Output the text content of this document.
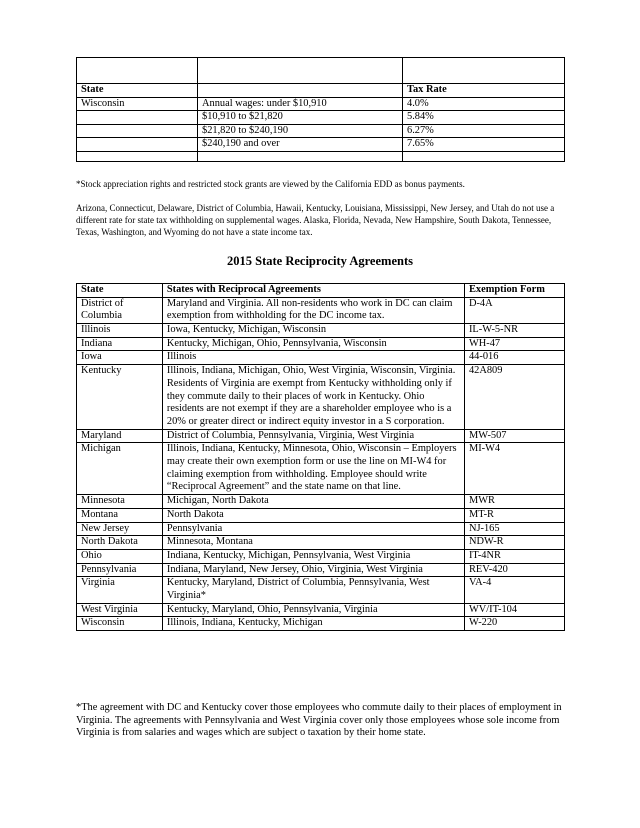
State		Tax Rate
Wisconsin	Annual wages: under $10,910	4.0%
	$10,910 to $21,820	5.84%
	$21,820 to $240,190	6.27%
	$240,190 and over	7.65%

*Stock appreciation rights and restricted stock grants are viewed by the California EDD as bonus payments.

Arizona, Connecticut, Delaware, District of Columbia, Hawaii, Kentucky, Louisiana, Mississippi, New Jersey, and Utah do not use a different rate for state tax withholding on supplemental wages. Alaska, Florida, Nevada, New Hampshire, South Dakota, Tennessee, Texas, Washington, and Wyoming do not have a state income tax.

2015 State Reciprocity Agreements
State	States with Reciprocal Agreements	Exemption Form
District of Columbia	Maryland and Virginia. All non-residents who work in DC can claim exemption from withholding for the DC income tax.	D-4A
Illinois	Iowa, Kentucky, Michigan, Wisconsin	IL-W-5-NR
Indiana	Kentucky, Michigan, Ohio, Pennsylvania, Wisconsin	WH-47
Iowa	Illinois	44-016
Kentucky	Illinois, Indiana, Michigan, Ohio, West Virginia, Wisconsin, Virginia. Residents of Virginia are exempt from Kentucky withholding only if they commute daily to their places of work in Kentucky. Ohio residents are not exempt if they are a shareholder employee who is a 20% or greater direct or indirect equity investor in a S corporation.	42A809
Maryland	District of Columbia, Pennsylvania, Virginia, West Virginia	MW-507
Michigan	Illinois, Indiana, Kentucky, Minnesota, Ohio, Wisconsin – Employers may create their own exemption form or use the line on MI-W4 for claiming exemption from withholding. Employee should write “Reciprocal Agreement” and the state name on that line.	MI-W4
Minnesota	Michigan, North Dakota	MWR
Montana	North Dakota	MT-R
New Jersey	Pennsylvania	NJ-165
North Dakota	Minnesota, Montana	NDW-R
Ohio	Indiana, Kentucky, Michigan, Pennsylvania, West Virginia	IT-4NR
Pennsylvania	Indiana, Maryland, New Jersey, Ohio, Virginia, West Virginia	REV-420
Virginia	Kentucky, Maryland, District of Columbia, Pennsylvania, West Virginia*	VA-4
West Virginia	Kentucky, Maryland, Ohio, Pennsylvania, Virginia	WV/IT-104
Wisconsin	Illinois, Indiana, Kentucky, Michigan	W-220

*The agreement with DC and Kentucky cover those employees who commute daily to their places of employment in Virginia. The agreements with Pennsylvania and West Virginia cover only those employees whose sole income from Virginia is from salaries and wages which are subject o taxation by their home state.
